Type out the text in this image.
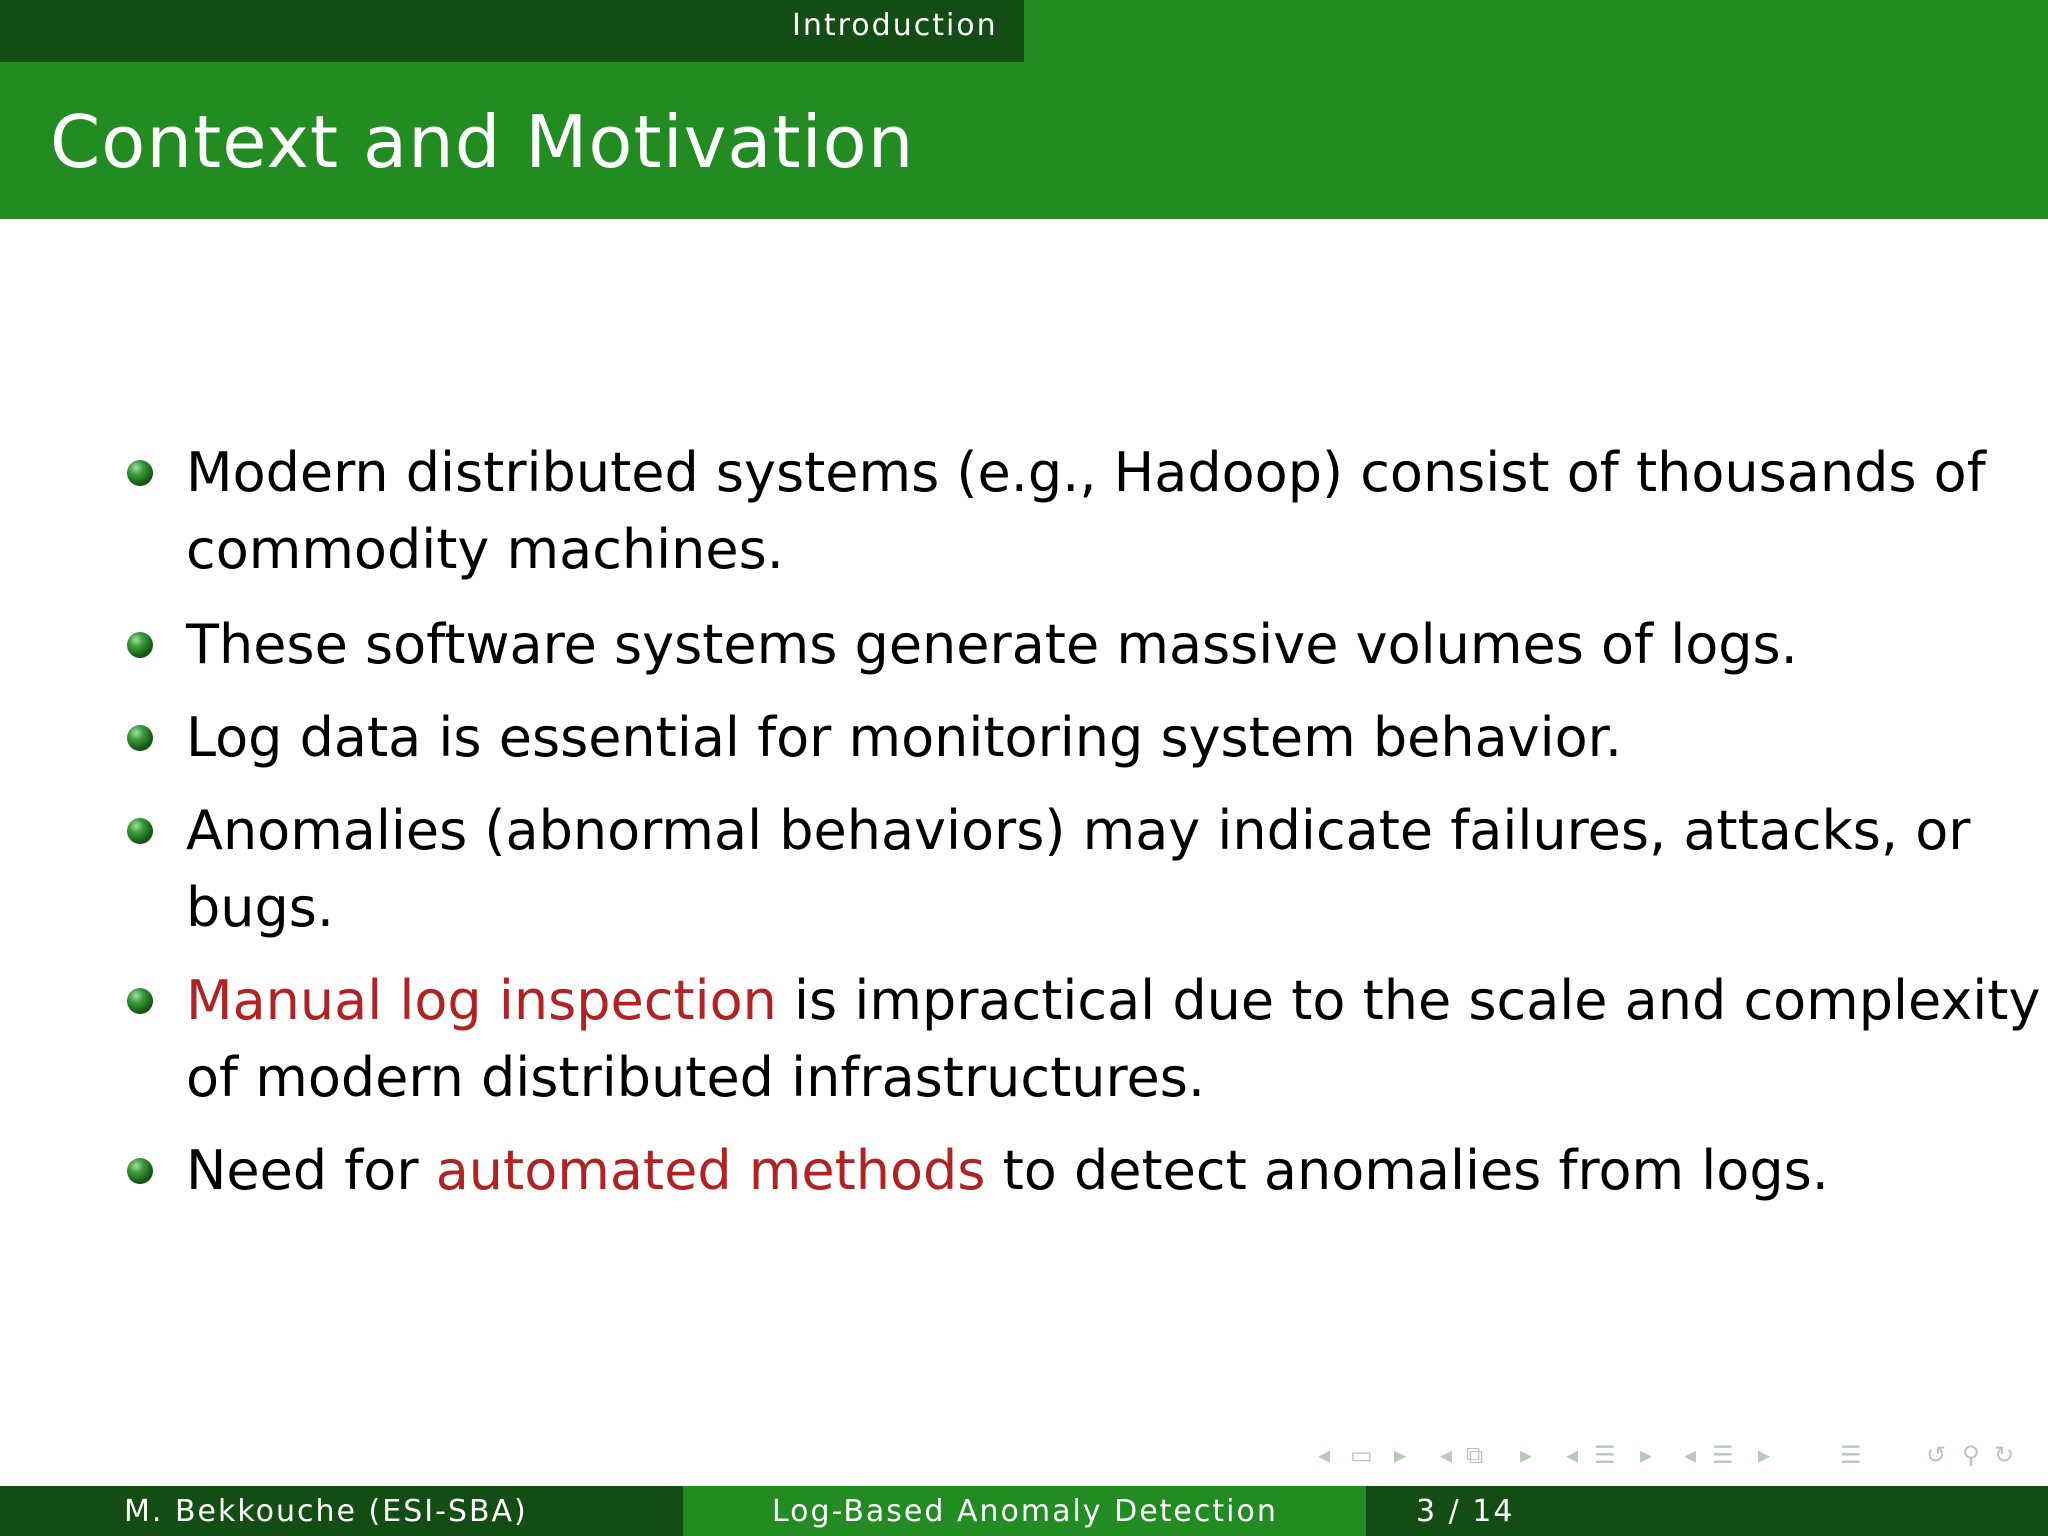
Introduction
Context and Motivation
Modern distributed systems (e.g., Hadoop) consist of thousands of
commodity machines.
These software systems generate massive volumes of logs.
Log data is essential for monitoring system behavior.
Anomalies (abnormal behaviors) may indicate failures, attacks, or
bugs.
Manual log inspection is impractical due to the scale and complexity
of modern distributed infrastructures.
Need for automated methods to detect anomalies from logs.
◂ ▭ ▸ ◂ ⧉ ▸ ◂ ☰ ▸ ◂ ☰ ▸	☰	↺ ⚲ ↻
M. Bekkouche (ESI-SBA)	Log-Based Anomaly Detection	3 / 14
